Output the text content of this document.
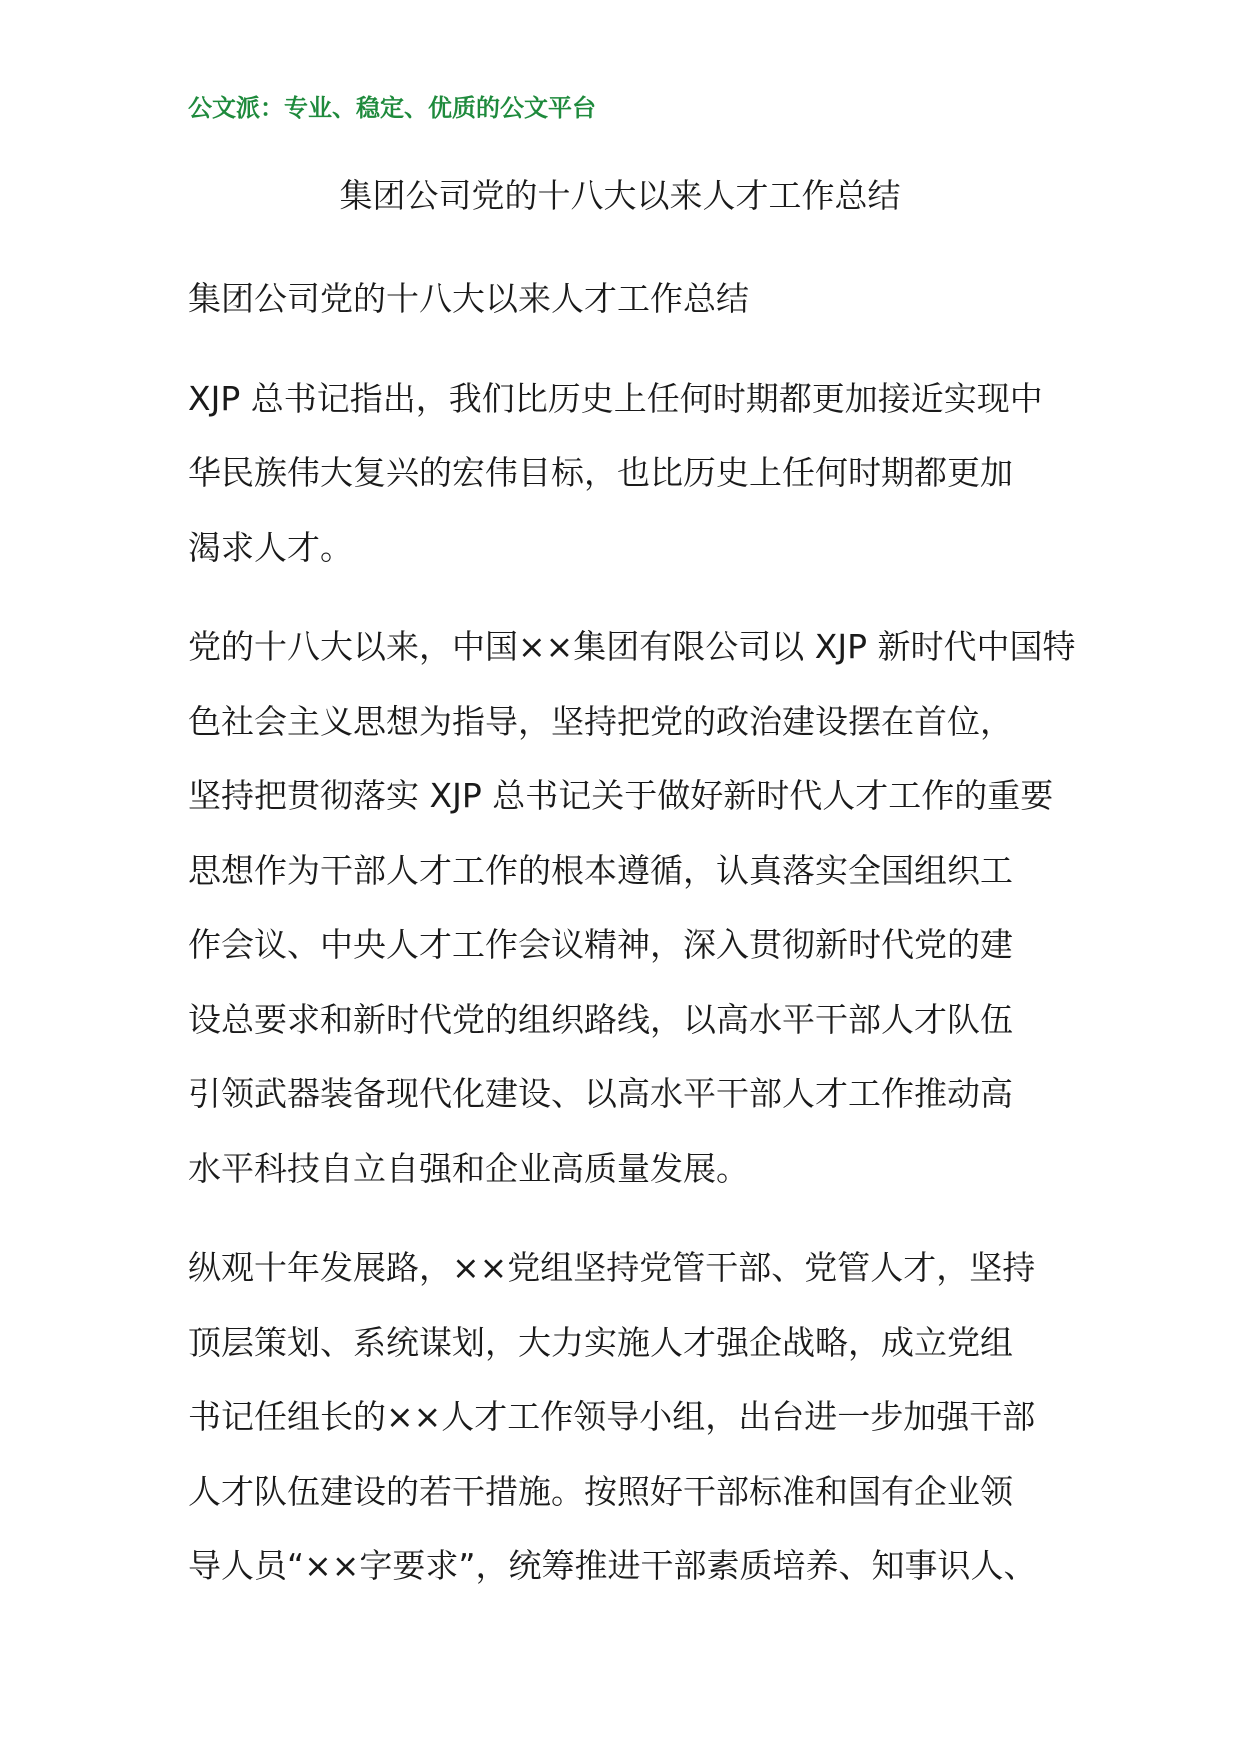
公文派：专业、稳定、优质的公文平台
集团公司党的十八大以来人才工作总结

集团公司党的十八大以来人才工作总结

XJP 总书记指出，我们比历史上任何时期都更加接近实现中
华民族伟大复兴的宏伟目标，也比历史上任何时期都更加
渴求人才。

党的十八大以来，中国××集团有限公司以 XJP 新时代中国特
色社会主义思想为指导，坚持把党的政治建设摆在首位，
坚持把贯彻落实 XJP 总书记关于做好新时代人才工作的重要
思想作为干部人才工作的根本遵循，认真落实全国组织工
作会议、中央人才工作会议精神，深入贯彻新时代党的建
设总要求和新时代党的组织路线，以高水平干部人才队伍
引领武器装备现代化建设、以高水平干部人才工作推动高
水平科技自立自强和企业高质量发展。

纵观十年发展路，××党组坚持党管干部、党管人才，坚持
顶层策划、系统谋划，大力实施人才强企战略，成立党组
书记任组长的××人才工作领导小组，出台进一步加强干部
人才队伍建设的若干措施。按照好干部标准和国有企业领
导人员“××字要求”，统筹推进干部素质培养、知事识人、
